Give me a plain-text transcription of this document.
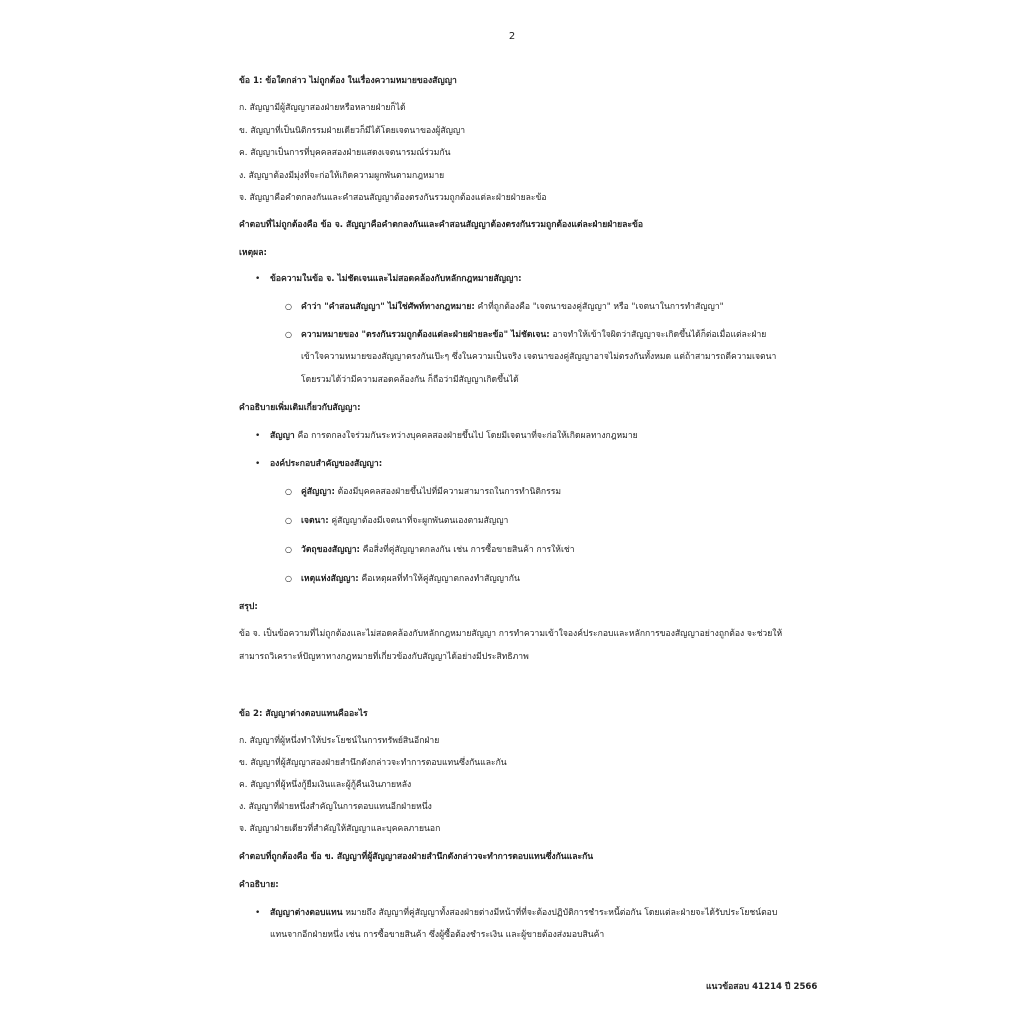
2
ข้อ 1: ข้อใดกล่าว ไม่ถูกต้อง ในเรื่องความหมายของสัญญา
ก. สัญญามีผู้สัญญาสองฝ่ายหรือหลายฝ่ายก็ได้
ข. สัญญาที่เป็นนิติกรรมฝ่ายเดียวก็มีได้โดยเจตนาของผู้สัญญา
ค. สัญญาเป็นการที่บุคคลสองฝ่ายแสดงเจตนารมณ์ร่วมกัน
ง. สัญญาต้องมีมุ่งที่จะก่อให้เกิดความผูกพันตามกฎหมาย
จ. สัญญาคือคำตกลงกันและคำสอนสัญญาต้องตรงกันรวมถูกต้องแต่ละฝ่ายฝ่ายละข้อ
คำตอบที่ไม่ถูกต้องคือ ข้อ จ. สัญญาคือคำตกลงกันและคำสอนสัญญาต้องตรงกันรวมถูกต้องแต่ละฝ่ายฝ่ายละข้อ
เหตุผล:
• ข้อความในข้อ จ. ไม่ชัดเจนและไม่สอดคล้องกับหลักกฎหมายสัญญา:
○ คำว่า "คำสอนสัญญา" ไม่ใช่ศัพท์ทางกฎหมาย: คำที่ถูกต้องคือ "เจตนาของคู่สัญญา" หรือ "เจตนาในการทำสัญญา"
○ ความหมายของ "ตรงกันรวมถูกต้องแต่ละฝ่ายฝ่ายละข้อ" ไม่ชัดเจน: อาจทำให้เข้าใจผิดว่าสัญญาจะเกิดขึ้นได้ก็ต่อเมื่อแต่ละฝ่าย
เข้าใจความหมายของสัญญาตรงกันเป๊ะๆ ซึ่งในความเป็นจริง เจตนาของคู่สัญญาอาจไม่ตรงกันทั้งหมด แต่ถ้าสามารถตีความเจตนา
โดยรวมได้ว่ามีความสอดคล้องกัน ก็ถือว่ามีสัญญาเกิดขึ้นได้
คำอธิบายเพิ่มเติมเกี่ยวกับสัญญา:
• สัญญา คือ การตกลงใจร่วมกันระหว่างบุคคลสองฝ่ายขึ้นไป โดยมีเจตนาที่จะก่อให้เกิดผลทางกฎหมาย
• องค์ประกอบสำคัญของสัญญา:
○ คู่สัญญา: ต้องมีบุคคลสองฝ่ายขึ้นไปที่มีความสามารถในการทำนิติกรรม
○ เจตนา: คู่สัญญาต้องมีเจตนาที่จะผูกพันตนเองตามสัญญา
○ วัตถุของสัญญา: คือสิ่งที่คู่สัญญาตกลงกัน เช่น การซื้อขายสินค้า การให้เช่า
○ เหตุแห่งสัญญา: คือเหตุผลที่ทำให้คู่สัญญาตกลงทำสัญญากัน
สรุป:
ข้อ จ. เป็นข้อความที่ไม่ถูกต้องและไม่สอดคล้องกับหลักกฎหมายสัญญา การทำความเข้าใจองค์ประกอบและหลักการของสัญญาอย่างถูกต้อง จะช่วยให้
สามารถวิเคราะห์ปัญหาทางกฎหมายที่เกี่ยวข้องกับสัญญาได้อย่างมีประสิทธิภาพ
ข้อ 2: สัญญาต่างตอบแทนคืออะไร
ก. สัญญาที่ผู้หนึ่งทำให้ประโยชน์ในการทรัพย์สินอีกฝ่าย
ข. สัญญาที่ผู้สัญญาสองฝ่ายสำนึกดังกล่าวจะทำการตอบแทนซึ่งกันและกัน
ค. สัญญาที่ผู้หนึ่งกู้ยืมเงินและผู้กู้คืนเงินภายหลัง
ง. สัญญาที่ฝ่ายหนึ่งสำคัญในการตอบแทนอีกฝ่ายหนึ่ง
จ. สัญญาฝ่ายเดียวที่สำคัญให้สัญญาและบุคคลภายนอก
คำตอบที่ถูกต้องคือ ข้อ ข. สัญญาที่ผู้สัญญาสองฝ่ายสำนึกดังกล่าวจะทำการตอบแทนซึ่งกันและกัน
คำอธิบาย:
• สัญญาต่างตอบแทน หมายถึง สัญญาที่คู่สัญญาทั้งสองฝ่ายต่างมีหน้าที่ที่จะต้องปฏิบัติการชำระหนี้ต่อกัน โดยแต่ละฝ่ายจะได้รับประโยชน์ตอบ
แทนจากอีกฝ่ายหนึ่ง เช่น การซื้อขายสินค้า ซึ่งผู้ซื้อต้องชำระเงิน และผู้ขายต้องส่งมอบสินค้า
แนวข้อสอบ 41214 ปี 2566
